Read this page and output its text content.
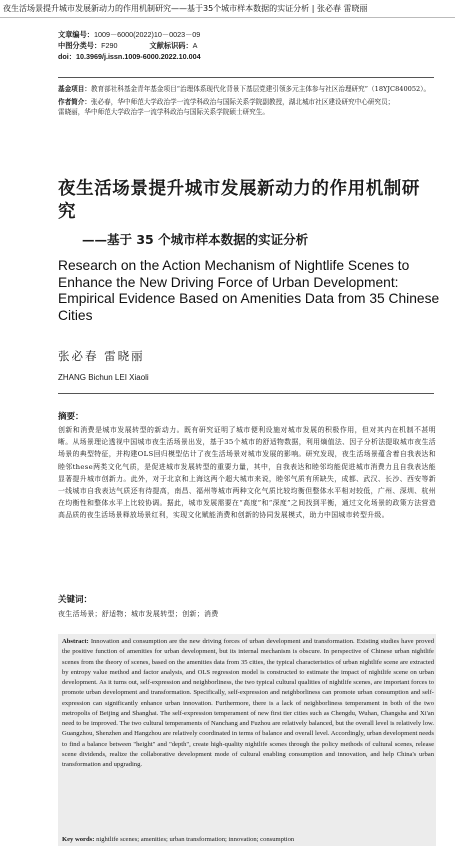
夜生活场景提升城市发展新动力的作用机制研究——基于35个城市样本数据的实证分析 | 张必春 雷晓丽
文章编号：1009－6000(2022)10－0023－09
中图分类号：F290	文献标识码：A
doi：10.3969/j.issn.1009-6000.2022.10.004

基金项目：教育部社科基金青年基金项目“治理体系现代化背景下基层党建引领多元主体参与社区治理研究”（18YJC840052）。

作者简介：张必春，华中师范大学政治学一流学科政治与国际关系学院副教授，湖北城市社区建设研究中心研究员；
雷晓丽，华中师范大学政治学一流学科政治与国际关系学院硕士研究生。

夜生活场景提升城市发展新动力的作用机制研究
——基于 35 个城市样本数据的实证分析
Research on the Action Mechanism of Nightlife Scenes to Enhance the New Driving Force of Urban Development: Empirical Evidence Based on Amenities Data from 35 Chinese Cities
张必春 雷晓丽
ZHANG Bichun LEI Xiaoli
摘要：
创新和消费是城市发展转型的新动力。既有研究证明了城市便利设施对城市发展的积极作用，但对其内在机制不甚明晰。从场景理论透视中国城市夜生活场景出发，基于35个城市的舒适物数据，利用熵值法、因子分析法提取城市夜生活场景的典型特征，并构建OLS回归模型估计了夜生活场景对城市发展的影响。研究发现，夜生活场景蕴含着自我表达和睦邻these两类文化气质，是促进城市发展转型的重要力量，其中，自我表达和睦邻均能促进城市消费力且自我表达能显著提升城市创新力。此外，对于北京和上海这两个超大城市来说，睦邻气质有所缺失，成都、武汉、长沙、西安等新一线城市自我表达气质还有待提高，南昌、福州等城市两种文化气质比较均衡但整体水平相对较低，广州、深圳、杭州在均衡性和整体水平上比较协调。据此，城市发展需要在“高度”和“深度”之间找到平衡，通过文化场景的政策方法营造高品质的夜生活场景释放场景红利，实现文化赋能消费和创新的协同发展模式，助力中国城市转型升级。
关键词：
夜生活场景；舒适物；城市发展转型；创新；消费
Abstract: Innovation and consumption are the new driving forces of urban development and transformation. Existing studies have proved the positive function of amenities for urban development, but its internal mechanism is obscure. In perspective of Chinese urban nightlife scenes from the theory of scenes, based on the amenities data from 35 cities, the typical characteristics of urban nightlife scene are extracted by entropy value method and factor analysis, and OLS regression model is constructed to estimate the impact of nightlife scene on urban development. As it turns out, self-expression and neighborliness, the two typical cultural qualities of nightlife scenes, are important forces to promote urban development and transformation. Specifically, self-expression and neighborliness can promote urban consumption and self-expression can significantly enhance urban innovation. Furthermore, there is a lack of neighborliness temperament in both of the two metropolis of Beijing and Shanghai. The self-expression temperament of new first tier cities such as Chengdu, Wuhan, Changsha and Xi'an need to be improved. The two cultural temperaments of Nanchang and Fuzhou are relatively balanced, but the overall level is relatively low. Guangzhou, Shenzhen and Hangzhou are relatively coordinated in terms of balance and overall level. Accordingly, urban development needs to find a balance between "height" and "depth", create high-quality nightlife scenes through the policy methods of cultural scenes, release scene dividends, realize the collaborative development mode of cultural enabling consumption and innovation, and help China's urban transformation and upgrading.
Key words: nightlife scenes; amenities; urban transformation; innovation; consumption
